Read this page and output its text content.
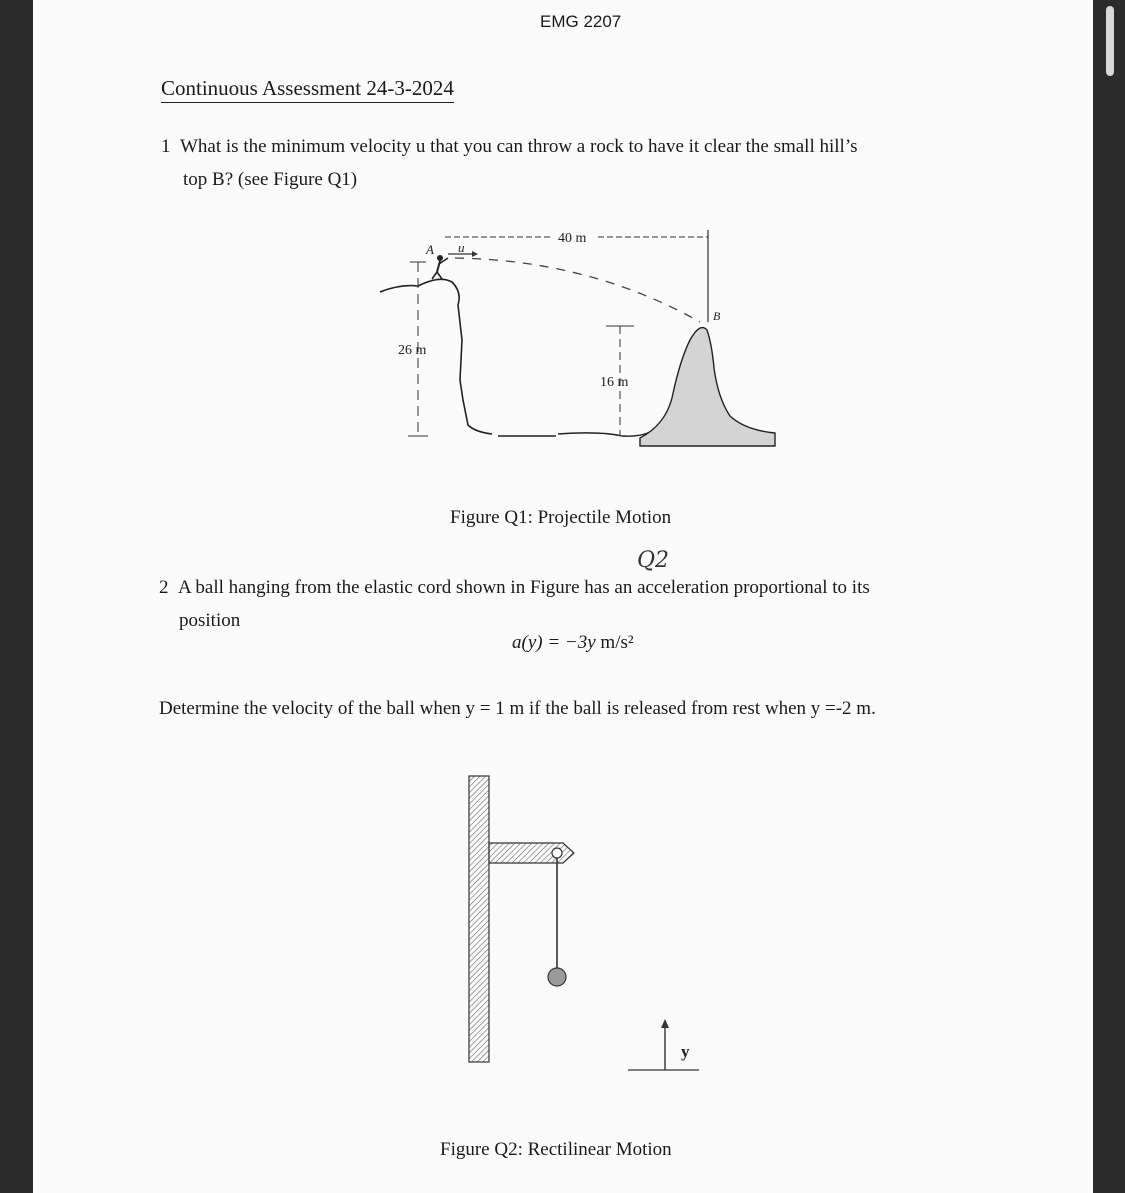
EMG 2207
Continuous Assessment 24-3-2024
1 What is the minimum velocity u that you can throw a rock to have it clear the small hill’s
top B? (see Figure Q1)
A u
B
40 m
26 m
16 m
y
Figure Q1: Projectile Motion
Q2
2 A ball hanging from the elastic cord shown in Figure has an acceleration proportional to its
position
a(y) = −3y m/s²
Determine the velocity of the ball when y = 1 m if the ball is released from rest when y =-2 m.
Figure Q2: Rectilinear Motion
